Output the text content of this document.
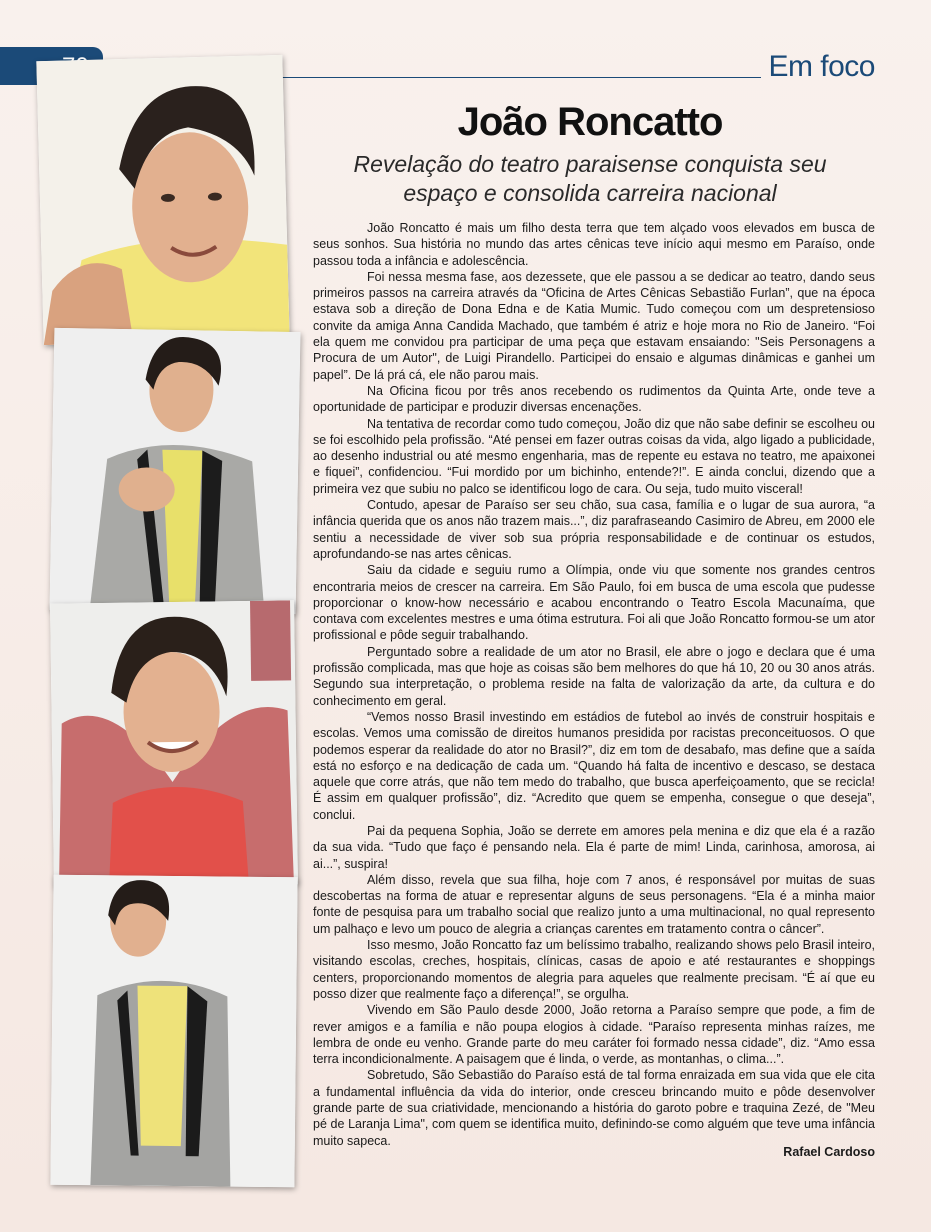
Em foco
João Roncatto
Revelação do teatro paraisense conquista seu
espaço e consolida carreira nacional

João Roncatto é mais um filho desta terra que tem alçado voos elevados em busca de seus sonhos. Sua história no mundo das artes cênicas teve início aqui mesmo em Paraíso, onde passou toda a infância e adolescência.

Foi nessa mesma fase, aos dezessete, que ele passou a se dedicar ao teatro, dando seus primeiros passos na carreira através da “Oficina de Artes Cênicas Sebastião Furlan”, que na época estava sob a direção de Dona Edna e de Katia Mumic. Tudo começou com um despretensioso convite da amiga Anna Candida Machado, que também é atriz e hoje mora no Rio de Janeiro. “Foi ela quem me convidou pra participar de uma peça que estavam ensaiando: "Seis Personagens a Procura de um Autor", de Luigi Pirandello. Participei do ensaio e algumas dinâmicas e ganhei um papel”. De lá prá cá, ele não parou mais.

Na Oficina ficou por três anos recebendo os rudimentos da Quinta Arte, onde teve a oportunidade de participar e produzir diversas encenações.

Na tentativa de recordar como tudo começou, João diz que não sabe definir se escolheu ou se foi escolhido pela profissão. “Até pensei em fazer outras coisas da vida, algo ligado a publicidade, ao desenho industrial ou até mesmo engenharia, mas de repente eu estava no teatro, me apaixonei e fiquei”, confidenciou. “Fui mordido por um bichinho, entende?!”. E ainda conclui, dizendo que a primeira vez que subiu no palco se identificou logo de cara. Ou seja, tudo muito visceral!

Contudo, apesar de Paraíso ser seu chão, sua casa, família e o lugar de sua aurora, “a infância querida que os anos não trazem mais...”, diz parafraseando Casimiro de Abreu, em 2000 ele sentiu a necessidade de viver sob sua própria responsabilidade e de continuar os estudos, aprofundando-se nas artes cênicas.

Saiu da cidade e seguiu rumo a Olímpia, onde viu que somente nos grandes centros encontraria meios de crescer na carreira. Em São Paulo, foi em busca de uma escola que pudesse proporcionar o know-how necessário e acabou encontrando o Teatro Escola Macunaíma, que contava com excelentes mestres e uma ótima estrutura. Foi ali que João Roncatto formou-se um ator profissional e pôde seguir trabalhando.

Perguntado sobre a realidade de um ator no Brasil, ele abre o jogo e declara que é uma profissão complicada, mas que hoje as coisas são bem melhores do que há 10, 20 ou 30 anos atrás. Segundo sua interpretação, o problema reside na falta de valorização da arte, da cultura e do conhecimento em geral.

“Vemos nosso Brasil investindo em estádios de futebol ao invés de construir hospitais e escolas. Vemos uma comissão de direitos humanos presidida por racistas preconceituosos. O que podemos esperar da realidade do ator no Brasil?”, diz em tom de desabafo, mas define que a saída está no esforço e na dedicação de cada um. “Quando há falta de incentivo e descaso, se destaca aquele que corre atrás, que não tem medo do trabalho, que busca aperfeiçoamento, que se recicla! É assim em qualquer profissão”, diz. “Acredito que quem se empenha, consegue o que deseja”, conclui.

Pai da pequena Sophia, João se derrete em amores pela menina e diz que ela é a razão da sua vida. “Tudo que faço é pensando nela. Ela é parte de mim! Linda, carinhosa, amorosa, ai ai...”, suspira!

Além disso, revela que sua filha, hoje com 7 anos, é responsável por muitas de suas descobertas na forma de atuar e representar alguns de seus personagens. “Ela é a minha maior fonte de pesquisa para um trabalho social que realizo junto a uma multinacional, no qual represento um palhaço e levo um pouco de alegria a crianças carentes em tratamento contra o câncer”.

Isso mesmo, João Roncatto faz um belíssimo trabalho, realizando shows pelo Brasil inteiro, visitando escolas, creches, hospitais, clínicas, casas de apoio e até restaurantes e shoppings centers, proporcionando momentos de alegria para aqueles que realmente precisam. “É aí que eu posso dizer que realmente faço a diferença!”, se orgulha.

Vivendo em São Paulo desde 2000, João retorna a Paraíso sempre que pode, a fim de rever amigos e a família e não poupa elogios à cidade. “Paraíso representa minhas raízes, me lembra de onde eu venho. Grande parte do meu caráter foi formado nessa cidade”, diz. “Amo essa terra incondicionalmente. A paisagem que é linda, o verde, as montanhas, o clima...”.

Sobretudo, São Sebastião do Paraíso está de tal forma enraizada em sua vida que ele cita a fundamental influência da vida do interior, onde cresceu brincando muito e pôde desenvolver grande parte de sua criatividade, mencionando a história do garoto pobre e traquina Zezé, de "Meu pé de Laranja Lima", com quem se identifica muito, definindo-se como alguém que teve uma infância muito sapeca.

Rafael Cardoso
